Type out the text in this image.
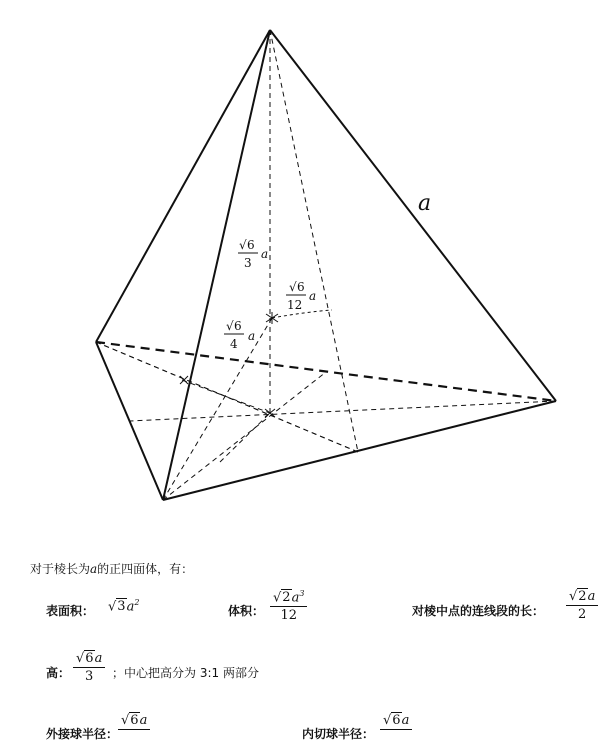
a
√ 6
3
a
√ 6
12
a
√ 6
4
a
对于棱长为a的正四面体，有：
表面积： $√3a^2$
体积： $\frac{√2a^3}{12}$	对棱中点的连线段的长： $\frac{√2a}{2}$
高： $\frac{√6a}{3}$ ；中心把高分为 3:1 两部分
外接球半径：
√6a
内切球半径：
√6a
